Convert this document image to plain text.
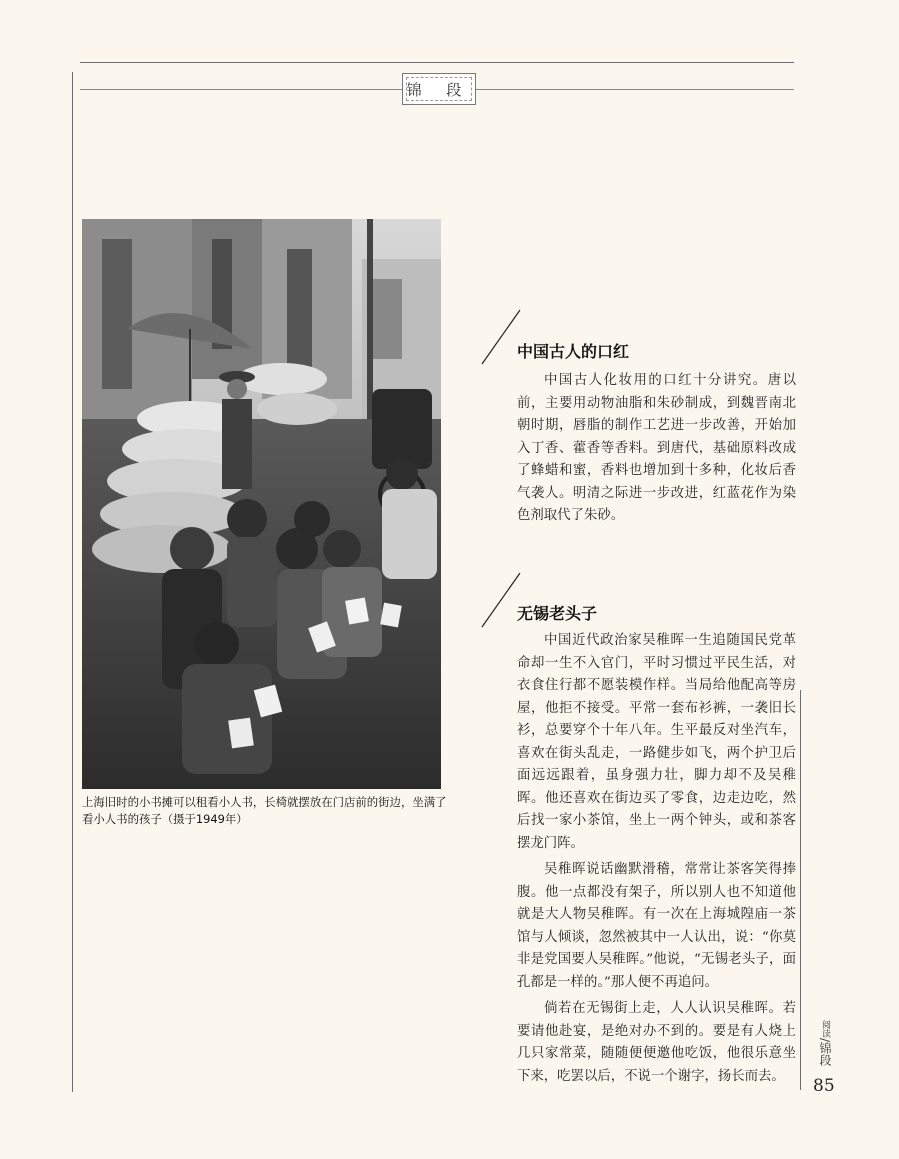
锦 段
上海旧时的小书摊可以租看小人书，长椅就摆放在门店前的街边，坐满了看小人书的孩子（摄于1949年）
中国古人的口红

中国古人化妆用的口红十分讲究。唐以前，主要用动物油脂和朱砂制成，到魏晋南北朝时期，唇脂的制作工艺进一步改善，开始加入丁香、藿香等香料。到唐代，基础原料改成了蜂蜡和蜜，香料也增加到十多种，化妆后香气袭人。明清之际进一步改进，红蓝花作为染色剂取代了朱砂。

无锡老头子

中国近代政治家吴稚晖一生追随国民党革命却一生不入官门，平时习惯过平民生活，对衣食住行都不愿装模作样。当局给他配高等房屋，他拒不接受。平常一套布衫裤，一袭旧长衫，总要穿个十年八年。生平最反对坐汽车，喜欢在街头乱走，一路健步如飞，两个护卫后面远远跟着，虽身强力壮，脚力却不及吴稚晖。他还喜欢在街边买了零食，边走边吃，然后找一家小茶馆，坐上一两个钟头，或和茶客摆龙门阵。

吴稚晖说话幽默滑稽，常常让茶客笑得捧腹。他一点都没有架子，所以别人也不知道他就是大人物吴稚晖。有一次在上海城隍庙一茶馆与人倾谈，忽然被其中一人认出，说：“你莫非是党国要人吴稚晖。”他说，“无锡老头子，面孔都是一样的。”那人便不再追问。

倘若在无锡街上走，人人认识吴稚晖。若要请他赴宴，是绝对办不到的。要是有人烧上几只家常菜，随随便便邀他吃饭，他很乐意坐下来，吃罢以后，不说一个谢字，扬长而去。

阅读/锦段
85
